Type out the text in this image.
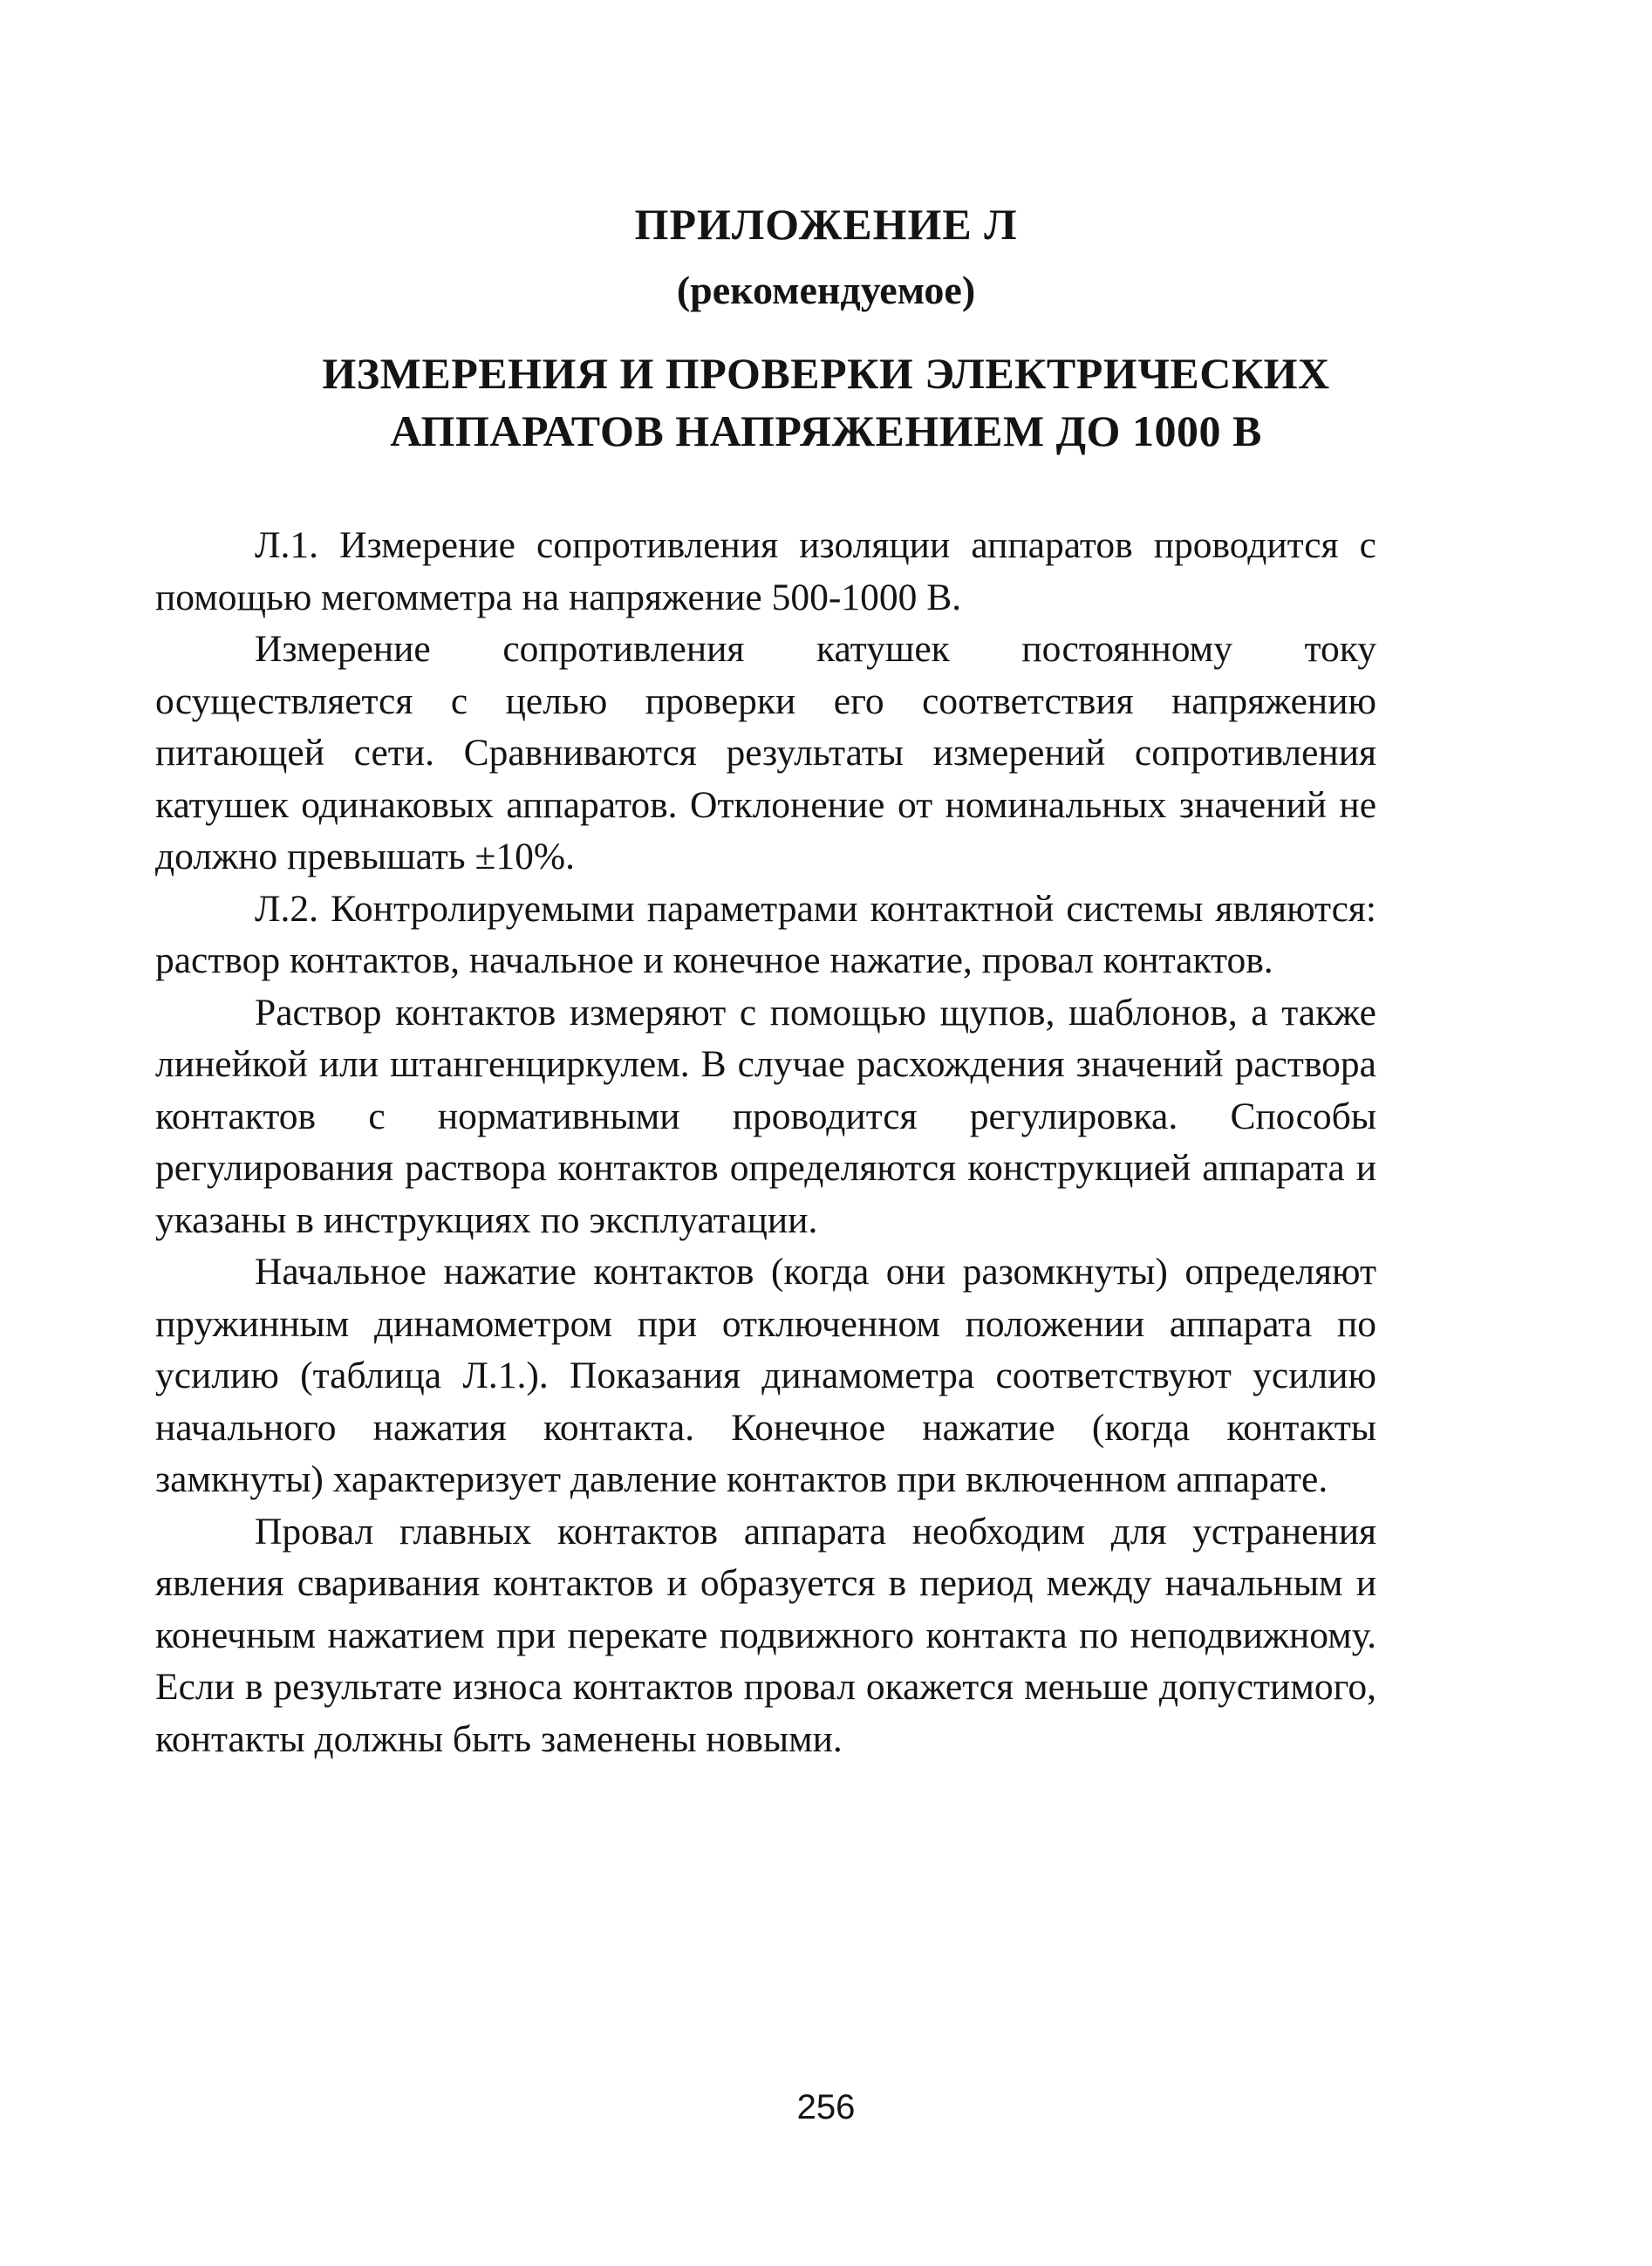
ПРИЛОЖЕНИЕ Л
(рекомендуемое)
ИЗМЕРЕНИЯ И ПРОВЕРКИ ЭЛЕКТРИЧЕСКИХ
АППАРАТОВ НАПРЯЖЕНИЕМ ДО 1000 В

Л.1. Измерение сопротивления изоляции аппаратов проводится с помощью мегомметра на напряжение 500-1000 В.

Измерение сопротивления катушек постоянному току осуществляется с целью проверки его соответствия напряжению питающей сети. Сравниваются результаты измерений сопротивления катушек одинаковых аппаратов. Отклонение от номинальных значений не должно превышать ±10%.

Л.2. Контролируемыми параметрами контактной системы являются: раствор контактов, начальное и конечное нажатие, провал контактов.

Раствор контактов измеряют с помощью щупов, шаблонов, а также линейкой или штангенциркулем. В случае расхождения значений раствора контактов с нормативными проводится регулировка. Способы регулирования раствора контактов определяются конструкцией аппарата и указаны в инструкциях по эксплуатации.

Начальное нажатие контактов (когда они разомкнуты) определяют пружинным динамометром при отключенном положении аппарата по усилию (таблица Л.1.). Показания динамометра соответствуют усилию начального нажатия контакта. Конечное нажатие (когда контакты замкнуты) характеризует давление контактов при включенном аппарате.

Провал главных контактов аппарата необходим для устранения явления сваривания контактов и образуется в период между начальным и конечным нажатием при перекате подвижного контакта по неподвижному. Если в результате износа контактов провал окажется меньше допустимого, контакты должны быть заменены новыми.

256
